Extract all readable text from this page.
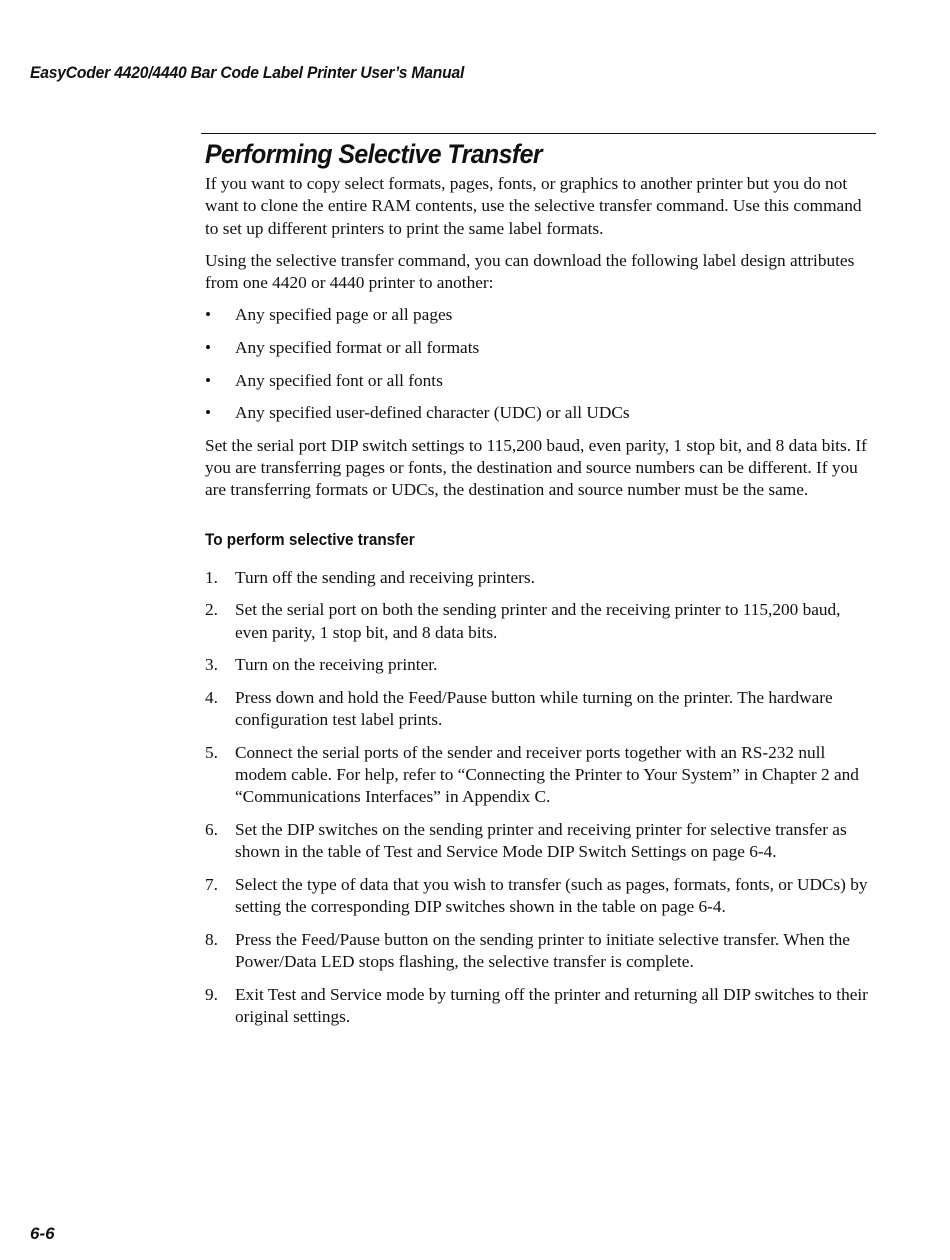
EasyCoder 4420/4440 Bar Code Label Printer User’s Manual
Performing Selective Transfer

If you want to copy select formats, pages, fonts, or graphics to another printer but you do not want to clone the entire RAM contents, use the selective transfer command. Use this command to set up different printers to print the same label formats.

Using the selective transfer command, you can download the following label design attributes from one 4420 or 4440 printer to another:

• Any specified page or all pages
• Any specified format or all formats
• Any specified font or all fonts
• Any specified user-defined character (UDC) or all UDCs

Set the serial port DIP switch settings to 115,200 baud, even parity, 1 stop bit, and 8 data bits. If you are transferring pages or fonts, the destination and source numbers can be different. If you are transferring formats or UDCs, the destination and source number must be the same.

To perform selective transfer
1. Turn off the sending and receiving printers.
2. Set the serial port on both the sending printer and the receiving printer to 115,200 baud, even parity, 1 stop bit, and 8 data bits.
3. Turn on the receiving printer.
4. Press down and hold the Feed/Pause button while turning on the printer. The hardware configuration test label prints.
5. Connect the serial ports of the sender and receiver ports together with an RS-232 null modem cable. For help, refer to “Connecting the Printer to Your System” in Chapter 2 and “Communications Interfaces” in Appendix C.
6. Set the DIP switches on the sending printer and receiving printer for selective transfer as shown in the table of Test and Service Mode DIP Switch Settings on page 6-4.
7. Select the type of data that you wish to transfer (such as pages, formats, fonts, or UDCs) by setting the corresponding DIP switches shown in the table on page 6-4.
8. Press the Feed/Pause button on the sending printer to initiate selective transfer. When the Power/Data LED stops flashing, the selective transfer is complete.
9. Exit Test and Service mode by turning off the printer and returning all DIP switches to their original settings.
6-6
